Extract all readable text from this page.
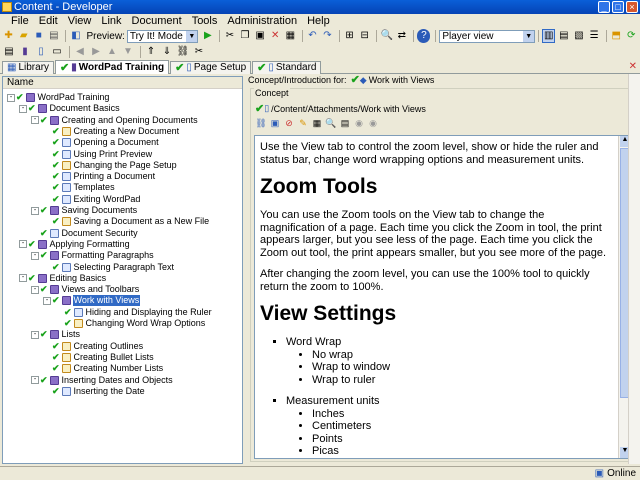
Content - Developer	_ □ ×
File Edit View Link Document Tools Administration Help
✚ ▰ ■ ▤ ◧ Preview: Try It! Mode ▼ ▶ ✂ ❐ ▣ ✕ ▦ ↶ ↷ ⊞ ⊟ 🔍 ⇄	?	Player view	▼ ▥ ▤ ▧ ☰ ⬒ ⟳
▤ ▮	▯ ▭	◀ ▶ ▲ ▼ ⇑ ⇓ ⛓ ✂
▦ Library ✔ ▮ WordPad Training ✔ ▯ Page Setup ✔ ▯ Standard	✕
Name
- ✔ WordPad Training
- ✔ Document Basics
- ✔ Creating and Opening Documents
✔ Creating a New Document
✔ Opening a Document
✔ Using Print Preview
✔ Changing the Page Setup
✔ Printing a Document
✔ Templates
✔ Exiting WordPad
- ✔ Saving Documents
✔ Saving a Document as a New File
✔ Document Security
- ✔ Applying Formatting
- ✔ Formatting Paragraphs
✔ Selecting Paragraph Text
- ✔ Editing Basics
- ✔ Views and Toolbars
- ✔ Work with Views
✔ Hiding and Displaying the Ruler
✔ Changing Word Wrap Options
- ✔ Lists
✔ Creating Outlines
✔ Creating Bullet Lists
✔ Creating Number Lists
- ✔ Inserting Dates and Objects
✔ Inserting the Date
Concept/Introduction for: ✔ ◆ Work with Views
Concept
✔ ▯ /Content/Attachments/Work with Views
⛓ ▣ ⊘ ✎ ▦ 🔍 ▤ ◉ ◉

Use the View tab to control the zoom level, show or hide the ruler and status bar, change word wrapping options and measurement units.

Zoom Tools

You can use the Zoom tools on the View tab to change the magnification of a page. Each time you click the Zoom in tool, the print appears larger, but you see less of the page. Each time you click the Zoom out tool, the print appears smaller, but you see more of the page.

After changing the zoom level, you can use the 100% tool to quickly return the zoom to 100%.

View Settings
▪ Word Wrap
• No wrap
• Wrap to window
• Wrap to ruler
▪ Measurement units
• Inches
• Centimeters
• Points
• Picas
▲
▼
▣ Online
